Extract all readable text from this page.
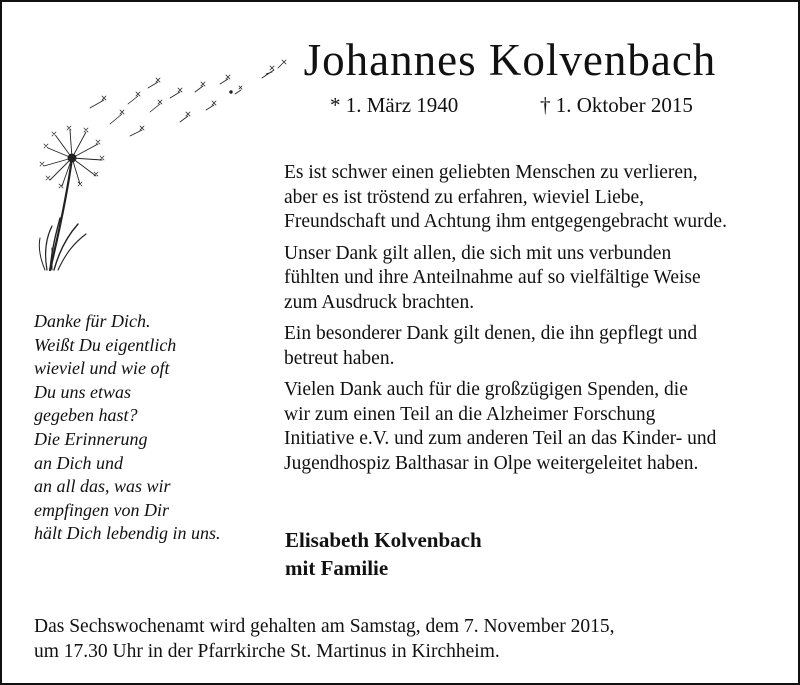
Johannes Kolvenbach
* 1. März 1940	† 1. Oktober 2015
Danke für Dich.
Weißt Du eigentlich
wieviel und wie oft
Du uns etwas
gegeben hast?
Die Erinnerung
an Dich und
an all das, was wir
empfingen von Dir
hält Dich lebendig in uns.

Es ist schwer einen geliebten Menschen zu verlieren,
aber es ist tröstend zu erfahren, wieviel Liebe,
Freundschaft und Achtung ihm entgegengebracht wurde.

Unser Dank gilt allen, die sich mit uns verbunden
fühlten und ihre Anteilnahme auf so vielfältige Weise
zum Ausdruck brachten.

Ein besonderer Dank gilt denen, die ihn gepflegt und
betreut haben.

Vielen Dank auch für die großzügigen Spenden, die
wir zum einen Teil an die Alzheimer Forschung
Initiative e.V. und zum anderen Teil an das Kinder- und
Jugendhospiz Balthasar in Olpe weitergeleitet haben.

Elisabeth Kolvenbach
mit Familie
Das Sechswochenamt wird gehalten am Samstag, dem 7. November 2015,
um 17.30 Uhr in der Pfarrkirche St. Martinus in Kirchheim.
